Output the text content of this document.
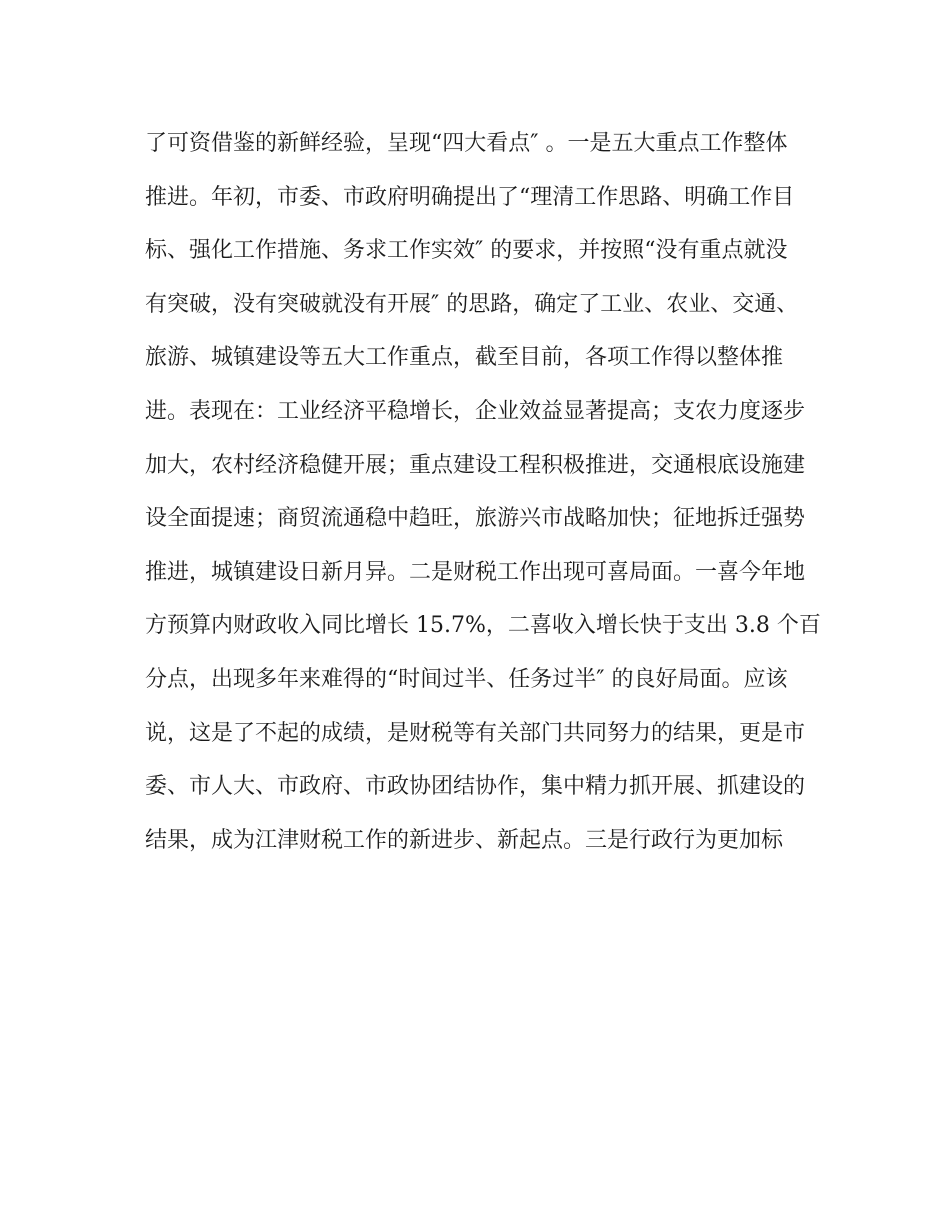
了可资借鉴的新鲜经验，呈现“四大看点″ 。一是五大重点工作整体
推进。年初，市委、市政府明确提出了“理清工作思路、明确工作目
标、强化工作措施、务求工作实效″ 的要求，并按照“没有重点就没
有突破，没有突破就没有开展″ 的思路，确定了工业、农业、交通、
旅游、城镇建设等五大工作重点，截至目前，各项工作得以整体推
进。表现在：工业经济平稳增长，企业效益显著提高；支农力度逐步
加大，农村经济稳健开展；重点建设工程积极推进，交通根底设施建
设全面提速；商贸流通稳中趋旺，旅游兴市战略加快；征地拆迁强势
推进，城镇建设日新月异。二是财税工作出现可喜局面。一喜今年地
方预算内财政收入同比增长 15.7%，二喜收入增长快于支出 3.8 个百
分点，出现多年来难得的“时间过半、任务过半″ 的良好局面。应该
说，这是了不起的成绩，是财税等有关部门共同努力的结果，更是市
委、市人大、市政府、市政协团结协作，集中精力抓开展、抓建设的
结果，成为江津财税工作的新进步、新起点。三是行政行为更加标
